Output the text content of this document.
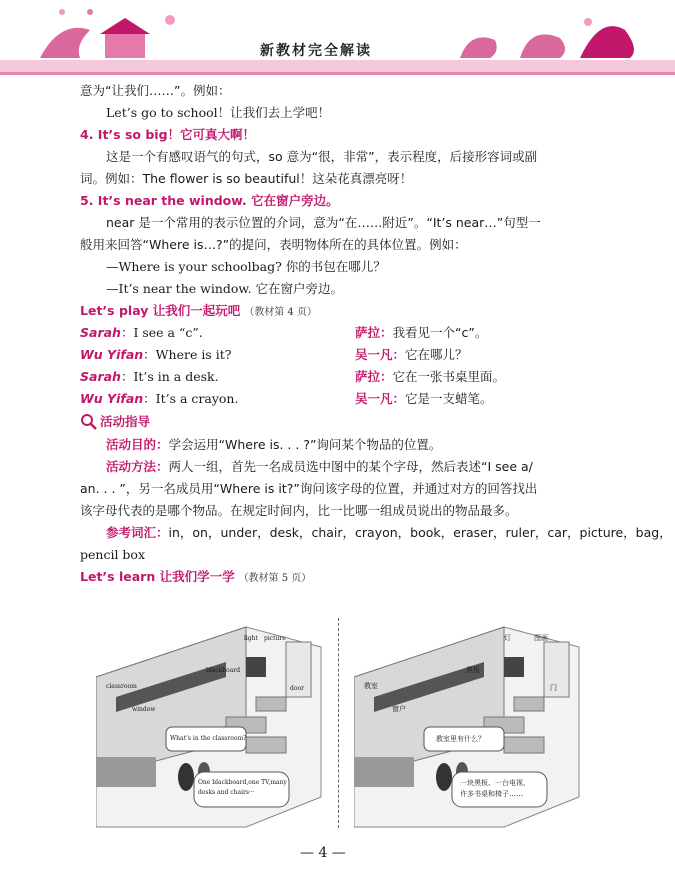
新教材完全解读
意为“让我们……”。例如：
Let’s go to school！让我们去上学吧！
4. It’s so big！它可真大啊！
这是一个有感叹语气的句式，so 意为“很，非常”，表示程度，后接形容词或副
词。例如：The flower is so beautiful！这朵花真漂亮呀！
5. It’s near the window. 它在窗户旁边。
near 是一个常用的表示位置的介词，意为“在……附近”。“It’s near…”句型一
般用来回答“Where is…?”的提问，表明物体所在的具体位置。例如：
—Where is your schoolbag? 你的书包在哪儿？
—It’s near the window. 它在窗户旁边。
Let’s play 让我们一起玩吧 （教材第 4 页）
Sarah：I see a “c”.	萨拉：我看见一个“c”。
Wu Yifan：Where is it?	吴一凡：它在哪儿？
Sarah：It’s in a desk.	萨拉：它在一张书桌里面。
Wu Yifan：It’s a crayon.	吴一凡：它是一支蜡笔。
活动指导
活动目的：学会运用“Where is. . . ?”询问某个物品的位置。
活动方法：两人一组，首先一名成员选中图中的某个字母，然后表述“I see a/
an. . . ”，另一名成员用“Where is it?”询问该字母的位置，并通过对方的回答找出
该字母代表的是哪个物品。在规定时间内，比一比哪一组成员说出的物品最多。
参考词汇：in，on，under，desk，chair，crayon，book，eraser，ruler，car，picture，bag，
pencil box
Let’s learn 让我们学一学 （教材第 5 页）
light picture
blackboard
classroom	door
window
What’s in the classroom?
One blackboard,one TV,many
desks and chairs···
灯	图画
黑板
教室	门
窗户
教室里有什么？
一块黑板、一台电视、
许多书桌和椅子……
— 4 —
